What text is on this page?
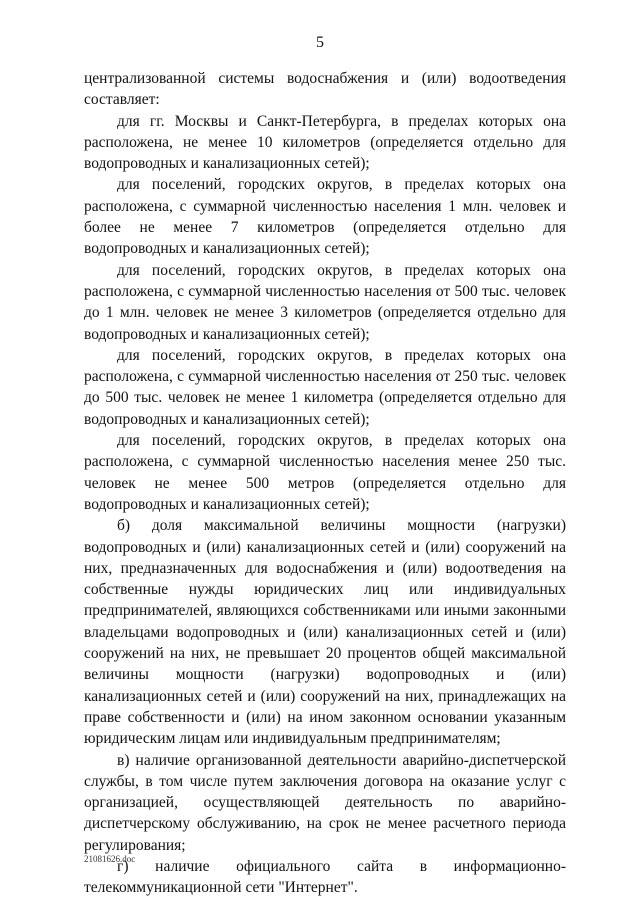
5

централизованной системы водоснабжения и (или) водоотведения составляет:

для гг. Москвы и Санкт-Петербурга, в пределах которых она расположена, не менее 10 километров (определяется отдельно для водопроводных и канализационных сетей);

для поселений, городских округов, в пределах которых она расположена, с суммарной численностью населения 1 млн. человек и более не менее 7 километров (определяется отдельно для водопроводных и канализационных сетей);

для поселений, городских округов, в пределах которых она расположена, с суммарной численностью населения от 500 тыс. человек до 1 млн. человек не менее 3 километров (определяется отдельно для водопроводных и канализационных сетей);

для поселений, городских округов, в пределах которых она расположена, с суммарной численностью населения от 250 тыс. человек до 500 тыс. человек не менее 1 километра (определяется отдельно для водопроводных и канализационных сетей);

для поселений, городских округов, в пределах которых она расположена, с суммарной численностью населения менее 250 тыс. человек не менее 500 метров (определяется отдельно для водопроводных и канализационных сетей);

б) доля максимальной величины мощности (нагрузки) водопроводных и (или) канализационных сетей и (или) сооружений на них, предназначенных для водоснабжения и (или) водоотведения на собственные нужды юридических лиц или индивидуальных предпринимателей, являющихся собственниками или иными законными владельцами водопроводных и (или) канализационных сетей и (или) сооружений на них, не превышает 20 процентов общей максимальной величины мощности (нагрузки) водопроводных и (или) канализационных сетей и (или) сооружений на них, принадлежащих на праве собственности и (или) на ином законном основании указанным юридическим лицам или индивидуальным предпринимателям;

в) наличие организованной деятельности аварийно-диспетчерской службы, в том числе путем заключения договора на оказание услуг с организацией, осуществляющей деятельность по аварийно-диспетчерскому обслуживанию, на срок не менее расчетного периода регулирования;

г) наличие официального сайта в информационно-телекоммуникационной сети "Интернет".

21081626.doc
